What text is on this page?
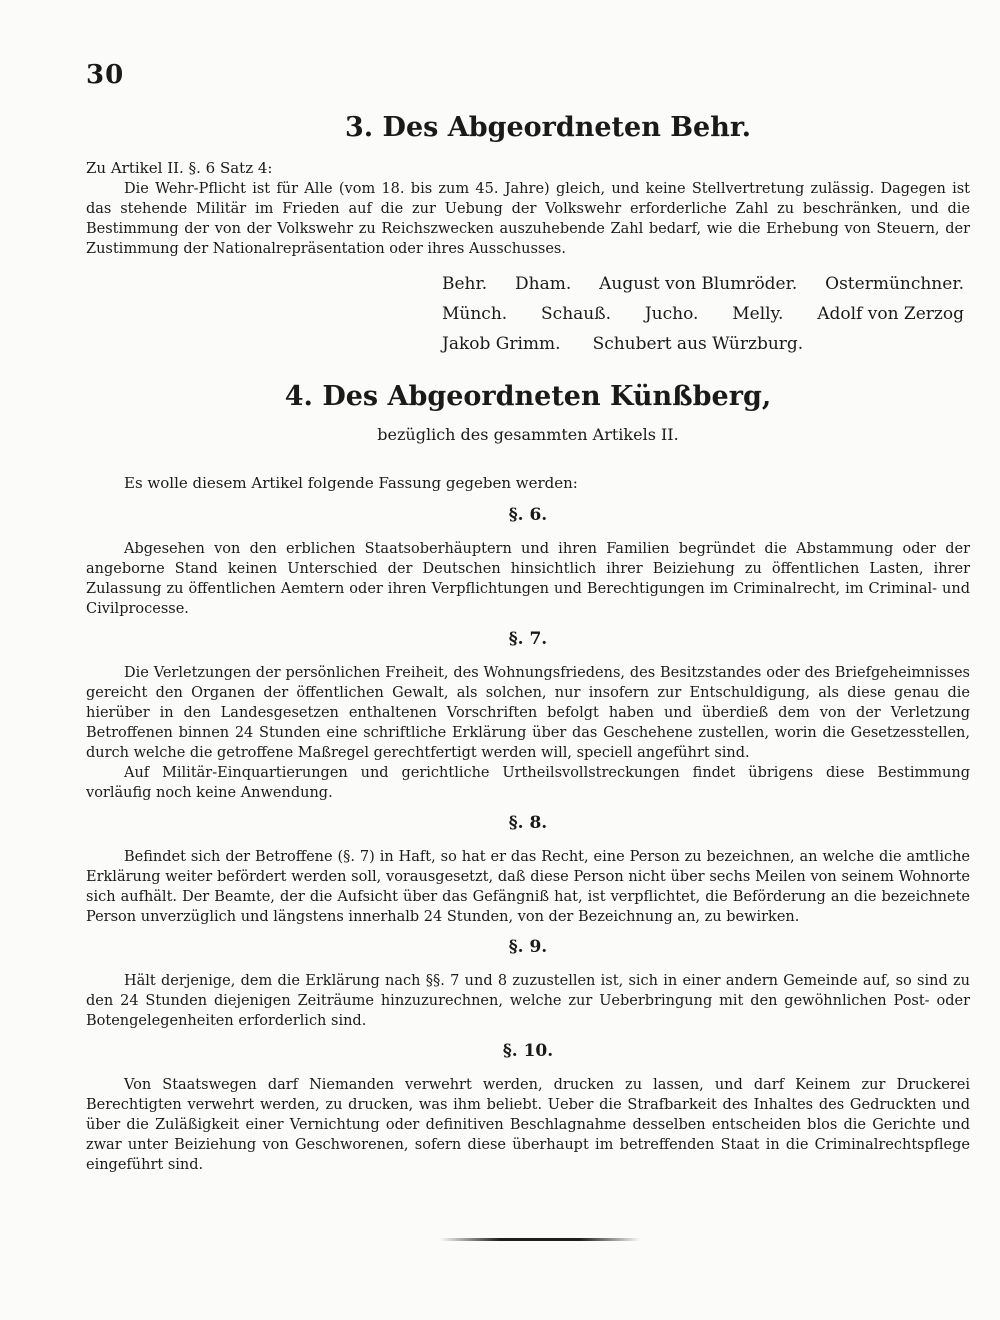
30
3. Des Abgeordneten Behr.
Zu Artikel II. §. 6 Satz 4:

Die Wehr-Pflicht ist für Alle (vom 18. bis zum 45. Jahre) gleich, und keine Stellvertretung zulässig. Dagegen ist das stehende Militär im Frieden auf die zur Uebung der Volkswehr erforderliche Zahl zu beschränken, und die Bestimmung der von der Volkswehr zu Reichszwecken auszuhebende Zahl bedarf, wie die Erhebung von Steuern, der Zustimmung der Nationalrepräsentation oder ihres Ausschusses.

Behr.	Dham.	August von Blumröder.	Ostermünchner.
Münch.	Schauß.	Jucho.	Melly.	Adolf von Zerzog
Jakob Grimm.	Schubert aus Würzburg.
4. Des Abgeordneten Künßberg,
bezüglich des gesammten Artikels II.

Es wolle diesem Artikel folgende Fassung gegeben werden:

§. 6.

Abgesehen von den erblichen Staatsoberhäuptern und ihren Familien begründet die Abstammung oder der angeborne Stand keinen Unterschied der Deutschen hinsichtlich ihrer Beiziehung zu öffentlichen Lasten, ihrer Zulassung zu öffentlichen Aemtern oder ihren Verpflichtungen und Berechtigungen im Criminalrecht, im Criminal- und Civilprocesse.

§. 7.

Die Verletzungen der persönlichen Freiheit, des Wohnungsfriedens, des Besitzstandes oder des Briefgeheimnisses gereicht den Organen der öffentlichen Gewalt, als solchen, nur insofern zur Entschuldigung, als diese genau die hierüber in den Landesgesetzen enthaltenen Vorschriften befolgt haben und überdieß dem von der Verletzung Betroffenen binnen 24 Stunden eine schriftliche Erklärung über das Geschehene zustellen, worin die Gesetzesstellen, durch welche die getroffene Maßregel gerechtfertigt werden will, speciell angeführt sind.

Auf Militär-Einquartierungen und gerichtliche Urtheilsvollstreckungen findet übrigens diese Bestimmung vorläufig noch keine Anwendung.

§. 8.

Befindet sich der Betroffene (§. 7) in Haft, so hat er das Recht, eine Person zu bezeichnen, an welche die amtliche Erklärung weiter befördert werden soll, vorausgesetzt, daß diese Person nicht über sechs Meilen von seinem Wohnorte sich aufhält. Der Beamte, der die Aufsicht über das Gefängniß hat, ist verpflichtet, die Beförderung an die bezeichnete Person unverzüglich und längstens innerhalb 24 Stunden, von der Bezeichnung an, zu bewirken.

§. 9.

Hält derjenige, dem die Erklärung nach §§. 7 und 8 zuzustellen ist, sich in einer andern Gemeinde auf, so sind zu den 24 Stunden diejenigen Zeiträume hinzuzurechnen, welche zur Ueberbringung mit den gewöhnlichen Post- oder Botengelegenheiten erforderlich sind.

§. 10.

Von Staatswegen darf Niemanden verwehrt werden, drucken zu lassen, und darf Keinem zur Druckerei Berechtigten verwehrt werden, zu drucken, was ihm beliebt. Ueber die Strafbarkeit des Inhaltes des Gedruckten und über die Zuläßigkeit einer Vernichtung oder definitiven Beschlagnahme desselben entscheiden blos die Gerichte und zwar unter Beiziehung von Geschworenen, sofern diese überhaupt im betreffenden Staat in die Criminalrechtspflege eingeführt sind.
